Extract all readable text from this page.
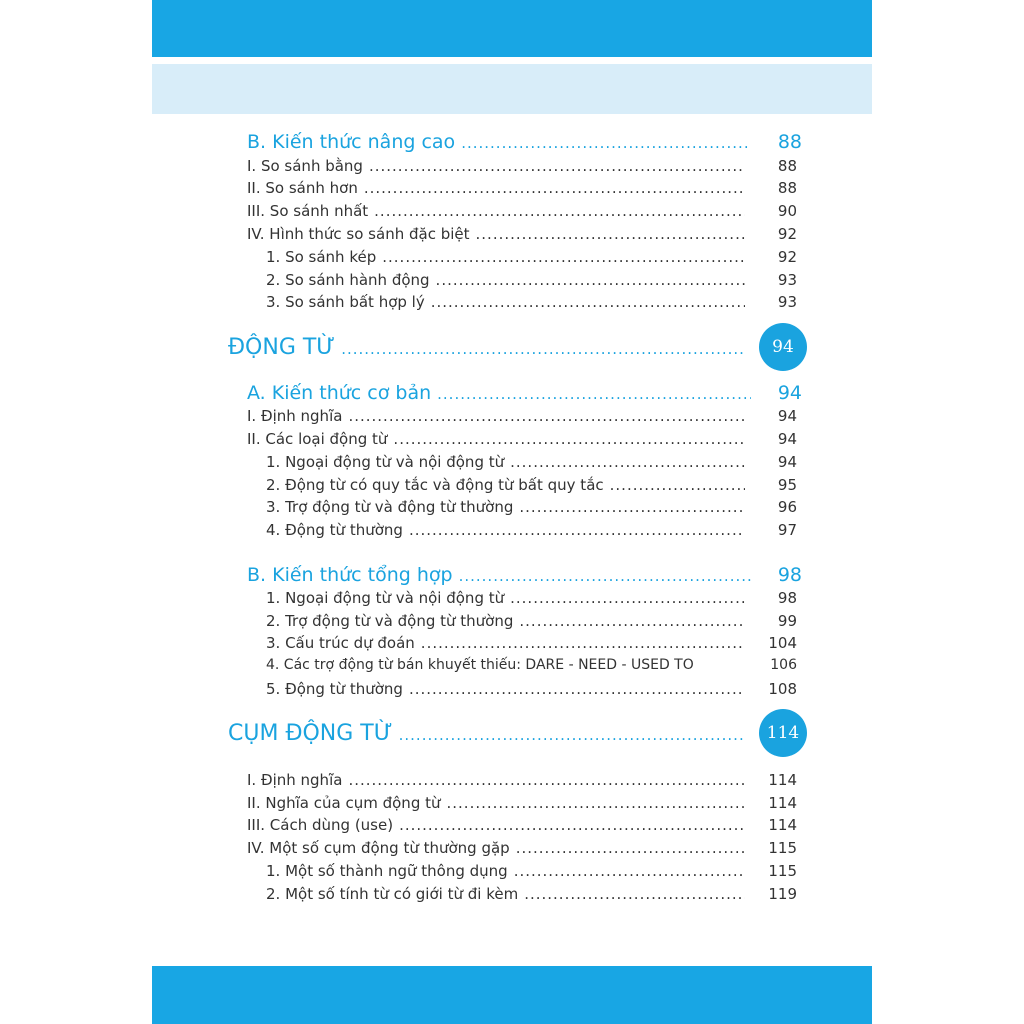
B. Kiến thức nâng cao .....	88
I. So sánh bằng .....	88
II. So sánh hơn .....	88
III. So sánh nhất .....	90
IV. Hình thức so sánh đặc biệt .....	92
1. So sánh kép .....	92
2. So sánh hành động .....	93
3. So sánh bất hợp lý .....	93
ĐỘNG TỪ .....	94
A. Kiến thức cơ bản .....	94
I. Định nghĩa .....	94
II. Các loại động từ .....	94
1. Ngoại động từ và nội động từ .....	94
2. Động từ có quy tắc và động từ bất quy tắc .....	95
3. Trợ động từ và động từ thường .....	96
4. Động từ thường .....	97
B. Kiến thức tổng hợp .....	98
1. Ngoại động từ và nội động từ .....	98
2. Trợ động từ và động từ thường .....	99
3. Cấu trúc dự đoán .....	104
4. Các trợ động từ bán khuyết thiếu: DARE - NEED - USED TO	106
5. Động từ thường .....	108
CỤM ĐỘNG TỪ .....	114
I. Định nghĩa .....	114
II. Nghĩa của cụm động từ .....	114
III. Cách dùng (use) .....	114
IV. Một số cụm động từ thường gặp .....	115
1. Một số thành ngữ thông dụng .....	115
2. Một số tính từ có giới từ đi kèm .....	119
